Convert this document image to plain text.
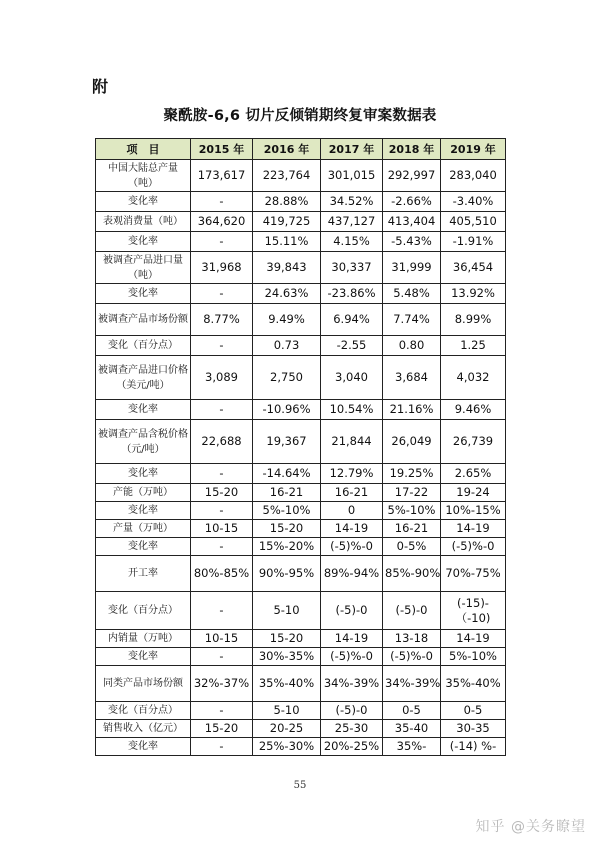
附
聚酰胺-6,6 切片反倾销期终复审案数据表
项　目	2015 年	2016 年	2017 年	2018 年	2019 年
中国大陆总产量（吨）	173,617	223,764	301,015	292,997	283,040
变化率	-	28.88%	34.52%	-2.66%	-3.40%
表观消费量（吨）	364,620	419,725	437,127	413,404	405,510
变化率	-	15.11%	4.15%	-5.43%	-1.91%
被调查产品进口量（吨）	31,968	39,843	30,337	31,999	36,454
变化率	-	24.63%	-23.86%	5.48%	13.92%
被调查产品市场份额	8.77%	9.49%	6.94%	7.74%	8.99%
变化（百分点）	-	0.73	-2.55	0.80	1.25
被调查产品进口价格（美元/吨）	3,089	2,750	3,040	3,684	4,032
变化率	-	-10.96%	10.54%	21.16%	9.46%
被调查产品含税价格（元/吨）	22,688	19,367	21,844	26,049	26,739
变化率	-	-14.64%	12.79%	19.25%	2.65%
产能（万吨）	15-20	16-21	16-21	17-22	19-24
变化率	-	5%-10%	0	5%-10%	10%-15%
产量（万吨）	10-15	15-20	14-19	16-21	14-19
变化率	-	15%-20%	(-5)%-0	0-5%	(-5)%-0
开工率	80%-85%	90%-95%	89%-94%	85%-90%	70%-75%
变化（百分点）	-	5-10	(-5)-0	(-5)-0	(-15)-（-10)
内销量（万吨）	10-15	15-20	14-19	13-18	14-19
变化率	-	30%-35%	(-5)%-0	(-5)%-0	5%-10%
同类产品市场份额	32%-37%	35%-40%	34%-39%	34%-39%	35%-40%
变化（百分点）	-	5-10	(-5)-0	0-5	0-5
销售收入（亿元）	15-20	20-25	25-30	35-40	30-35
变化率	-	25%-30%	20%-25%	35%-	(-14) %-
55
知乎 @关务瞭望
